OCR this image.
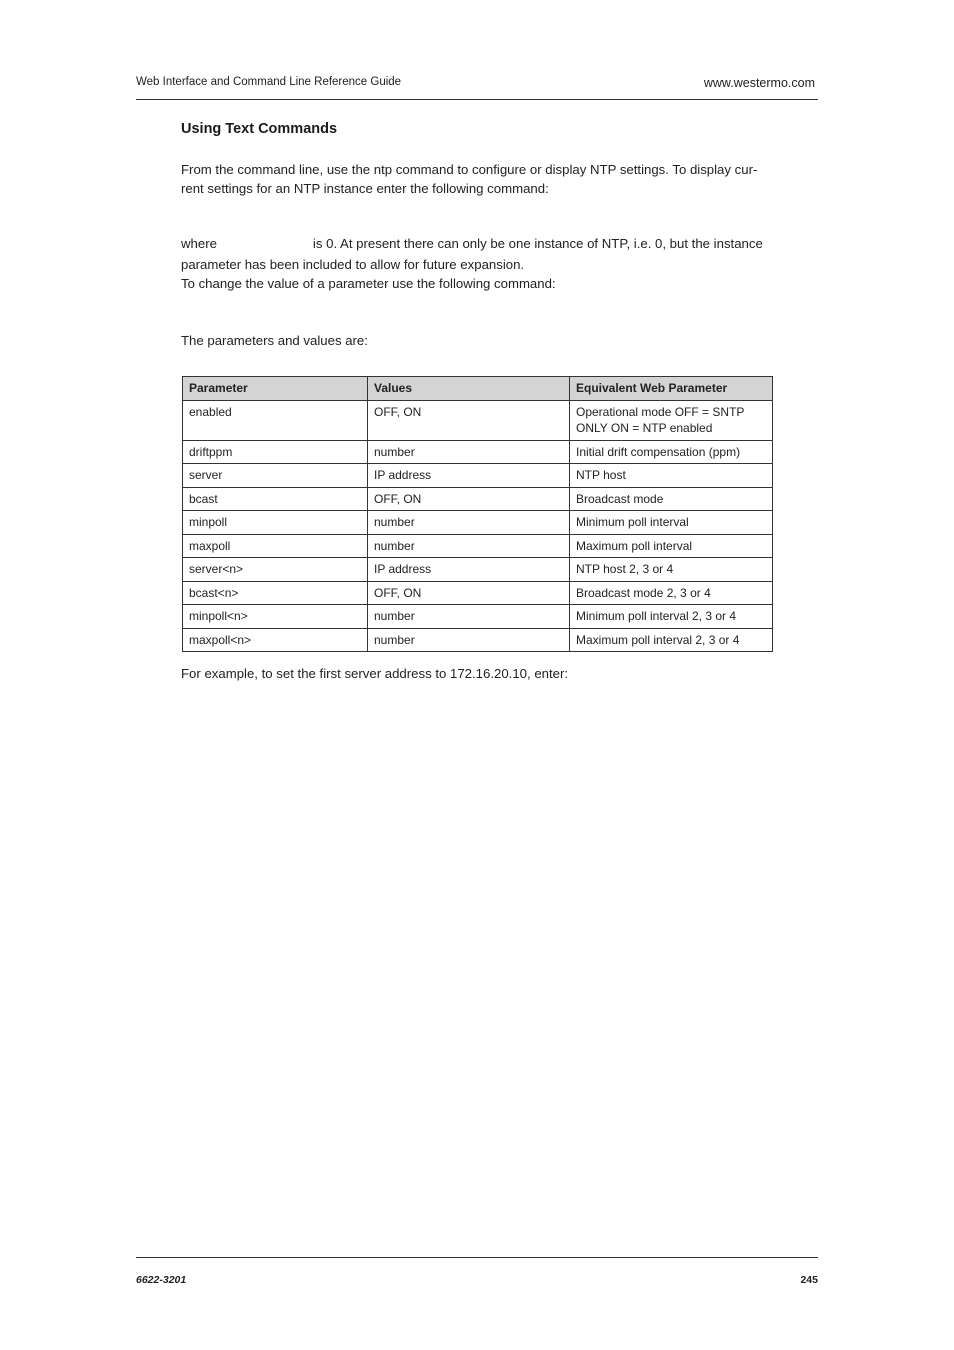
Web Interface and Command Line Reference Guide	www.westermo.com
Using Text Commands
From the command line, use the ntp command to configure or display NTP settings. To display cur-
rent settings for an NTP instance enter the following command:
where	is 0. At present there can only be one instance of NTP, i.e. 0, but the instance
parameter has been included to allow for future expansion.
To change the value of a parameter use the following command:
The parameters and values are:
Parameter	Values	Equivalent Web Parameter
enabled	OFF, ON	Operational mode OFF = SNTP ONLY ON = NTP enabled
driftppm	number	Initial drift compensation (ppm)
server	IP address	NTP host
bcast	OFF, ON	Broadcast mode
minpoll	number	Minimum poll interval
maxpoll	number	Maximum poll interval
server<n>	IP address	NTP host 2, 3 or 4
bcast<n>	OFF, ON	Broadcast mode 2, 3 or 4
minpoll<n>	number	Minimum poll interval 2, 3 or 4
maxpoll<n>	number	Maximum poll interval 2, 3 or 4
For example, to set the first server address to 172.16.20.10, enter:
6622-3201	245
